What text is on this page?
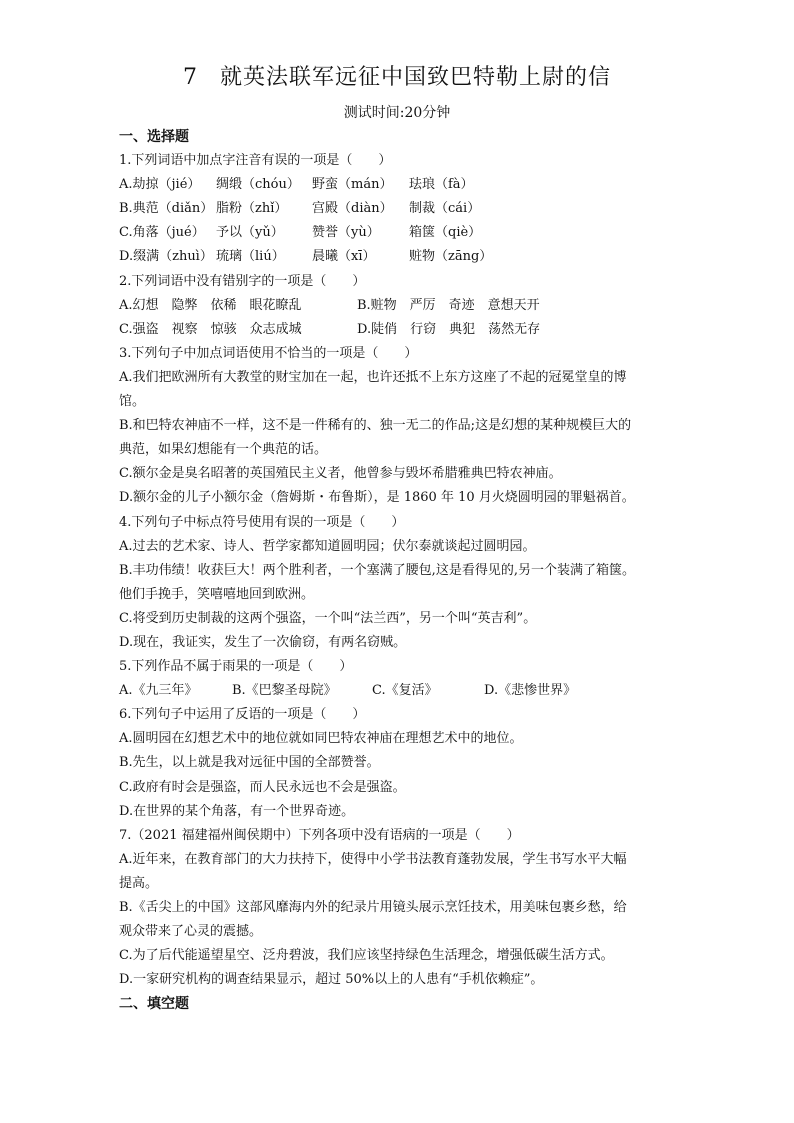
7 就英法联军远征中国致巴特勒上尉的信
测试时间:20分钟
一、选择题
1.下列词语中加点字注音有误的一项是（　　）
A.劫掠（jié） 绸缎（chóu） 野蛮（mán） 珐琅（fà）
B.典范（diǎn） 脂粉（zhǐ） 宫殿（diàn） 制裁（cái）
C.角落（jué） 予以（yǔ） 赞誉（yù） 箱箧（qiè）
D.缀满（zhuì） 琉璃（liú） 晨曦（xī）	赃物（zāng）
2.下列词语中没有错别字的一项是（　　）
A.幻想　隐弊　依稀　眼花瞭乱	B.赃物　严厉　奇迹　意想天开
C.强盗　视察　惊骇　众志成城	D.陡俏　行窃　典犯　荡然无存
3.下列句子中加点词语使用不恰当的一项是（　　）
A.我们把欧洲所有大教堂的财宝加在一起，也许还抵不上东方这座了不起的冠冕堂皇的博
馆。
B.和巴特农神庙不一样，这不是一件稀有的、独一无二的作品;这是幻想的某种规模巨大的
典范，如果幻想能有一个典范的话。
C.额尔金是臭名昭著的英国殖民主义者，他曾参与毁坏希腊雅典巴特农神庙。
D.额尔金的儿子小额尔金（詹姆斯・布鲁斯），是 1860 年 10 月火烧圆明园的罪魁祸首。
4.下列句子中标点符号使用有误的一项是（　　）
A.过去的艺术家、诗人、哲学家都知道圆明园；伏尔泰就谈起过圆明园。
B.丰功伟绩！收获巨大！两个胜利者，一个塞满了腰包,这是看得见的,另一个装满了箱箧。
他们手挽手，笑嘻嘻地回到欧洲。
C.将受到历史制裁的这两个强盗，一个叫“法兰西”，另一个叫“英吉利”。
D.现在，我证实，发生了一次偷窃，有两名窃贼。
5.下列作品不属于雨果的一项是（　　）
A.《九三年》	B.《巴黎圣母院》	C.《复活》	D.《悲惨世界》
6.下列句子中运用了反语的一项是（　　）
A.圆明园在幻想艺术中的地位就如同巴特农神庙在理想艺术中的地位。
B.先生，以上就是我对远征中国的全部赞誉。
C.政府有时会是强盗，而人民永远也不会是强盗。
D.在世界的某个角落，有一个世界奇迹。
7.（2021 福建福州闽侯期中）下列各项中没有语病的一项是（　　）
A.近年来，在教育部门的大力扶持下，使得中小学书法教育蓬勃发展，学生书写水平大幅
提高。
B.《舌尖上的中国》这部风靡海内外的纪录片用镜头展示烹饪技术，用美味包裹乡愁，给
观众带来了心灵的震撼。
C.为了后代能遥望星空、泛舟碧波，我们应该坚持绿色生活理念，增强低碳生活方式。
D.一家研究机构的调查结果显示，超过 50%以上的人患有“手机依赖症”。
二、填空题
